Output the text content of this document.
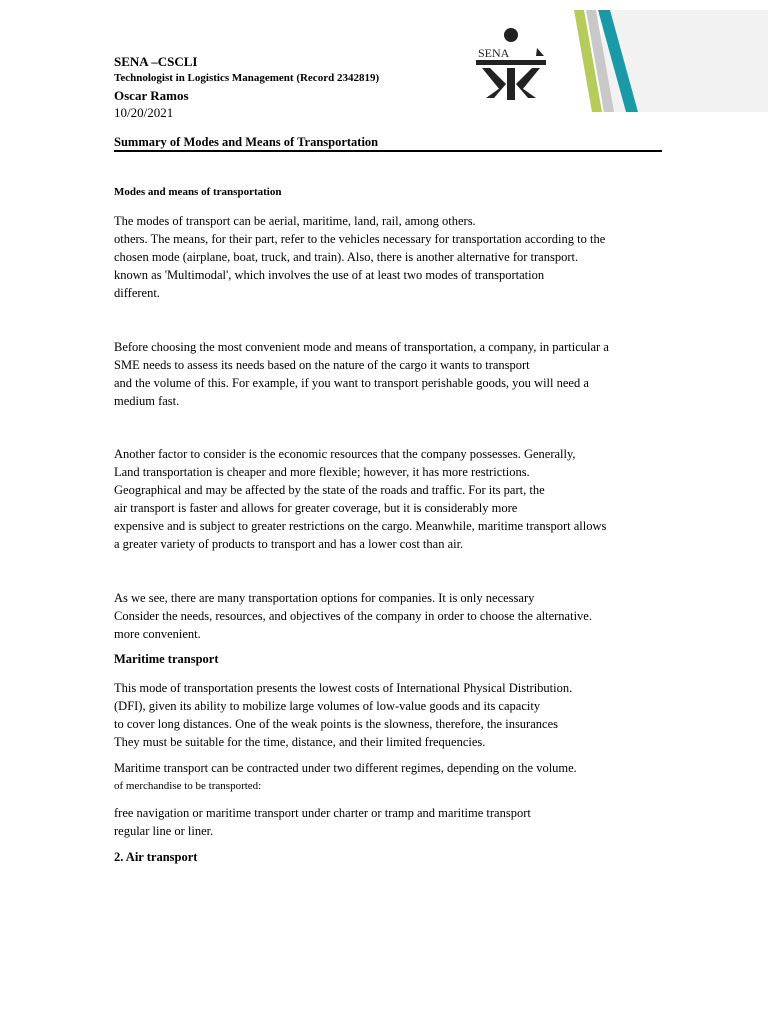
SENA –CSCLI
Technologist in Logistics Management (Record 2342819)
Oscar Ramos
10/20/2021
SENA
Summary of Modes and Means of Transportation
Modes and means of transportation

The modes of transport can be aerial, maritime, land, rail, among others.

others. The means, for their part, refer to the vehicles necessary for transportation according to the

chosen mode (airplane, boat, truck, and train). Also, there is another alternative for transport.

known as 'Multimodal', which involves the use of at least two modes of transportation

different.

Before choosing the most convenient mode and means of transportation, a company, in particular a

SME needs to assess its needs based on the nature of the cargo it wants to transport

and the volume of this. For example, if you want to transport perishable goods, you will need a

medium fast.

Another factor to consider is the economic resources that the company possesses. Generally,

Land transportation is cheaper and more flexible; however, it has more restrictions.

Geographical and may be affected by the state of the roads and traffic. For its part, the

air transport is faster and allows for greater coverage, but it is considerably more

expensive and is subject to greater restrictions on the cargo. Meanwhile, maritime transport allows

a greater variety of products to transport and has a lower cost than air.

As we see, there are many transportation options for companies. It is only necessary

Consider the needs, resources, and objectives of the company in order to choose the alternative.

more convenient.

Maritime transport

This mode of transportation presents the lowest costs of International Physical Distribution.

(DFI), given its ability to mobilize large volumes of low-value goods and its capacity

to cover long distances. One of the weak points is the slowness, therefore, the insurances

They must be suitable for the time, distance, and their limited frequencies.

Maritime transport can be contracted under two different regimes, depending on the volume.

of merchandise to be transported:

free navigation or maritime transport under charter or tramp and maritime transport

regular line or liner.

2. Air transport
